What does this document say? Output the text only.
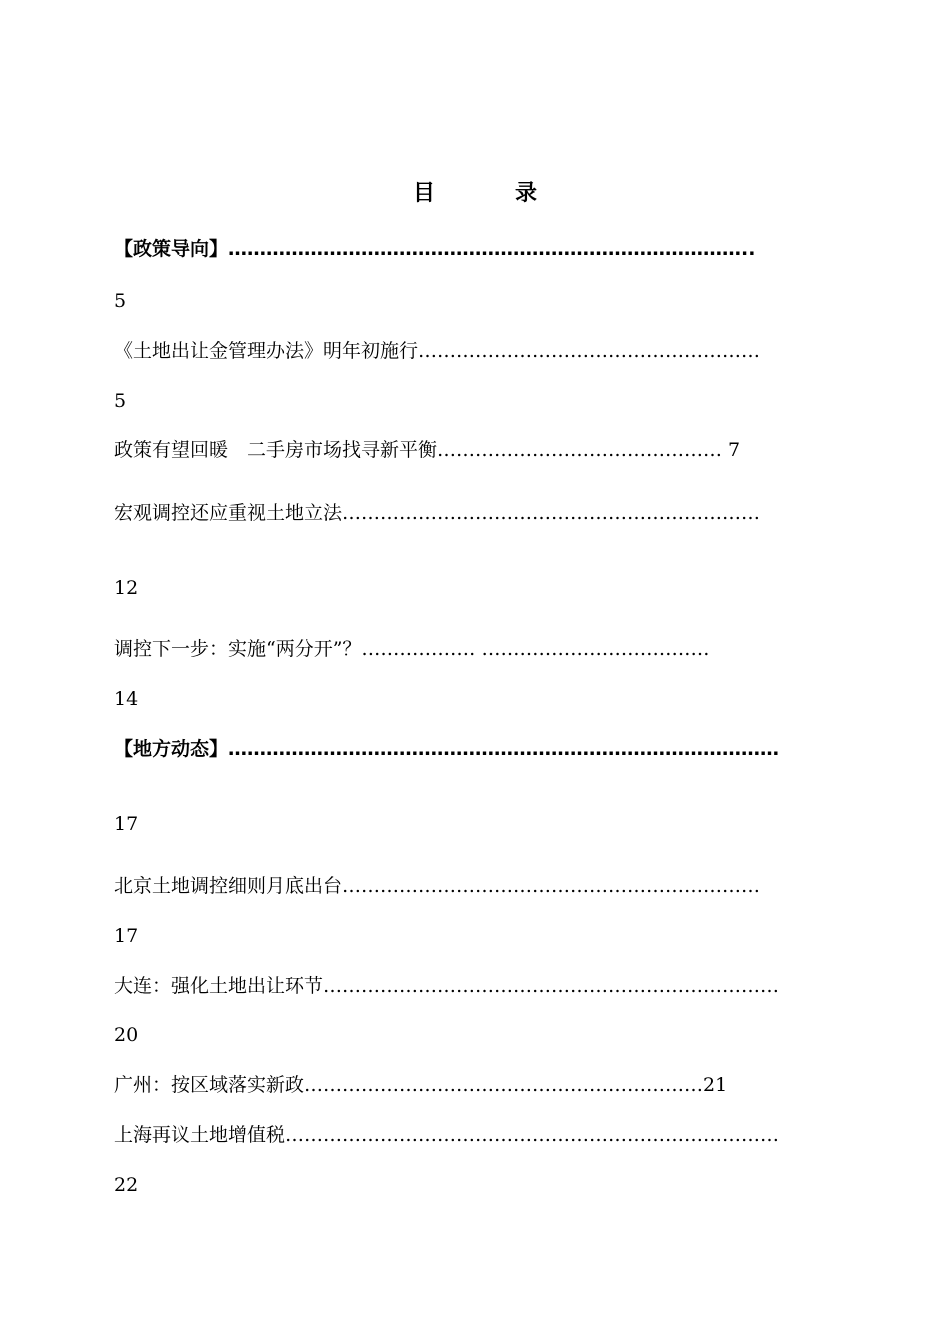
目	录
【政策导向】………………………………………………………………………..
5
《土地出让金管理办法》明年初施行………………………………………………
5
政策有望回暖　二手房市场找寻新平衡……………………………………… 7
宏观调控还应重视土地立法…………………………………………………………
12
调控下一步：实施“两分开”？……………… ………………………………
14
【地方动态】……………………………………………………………………………
17
北京土地调控细则月底出台…………………………………………………………
17
大连：强化土地出让环节………………………………………………………………
20
广州：按区域落实新政………………………………………………………21
上海再议土地增值税……………………………………………………………………
22
